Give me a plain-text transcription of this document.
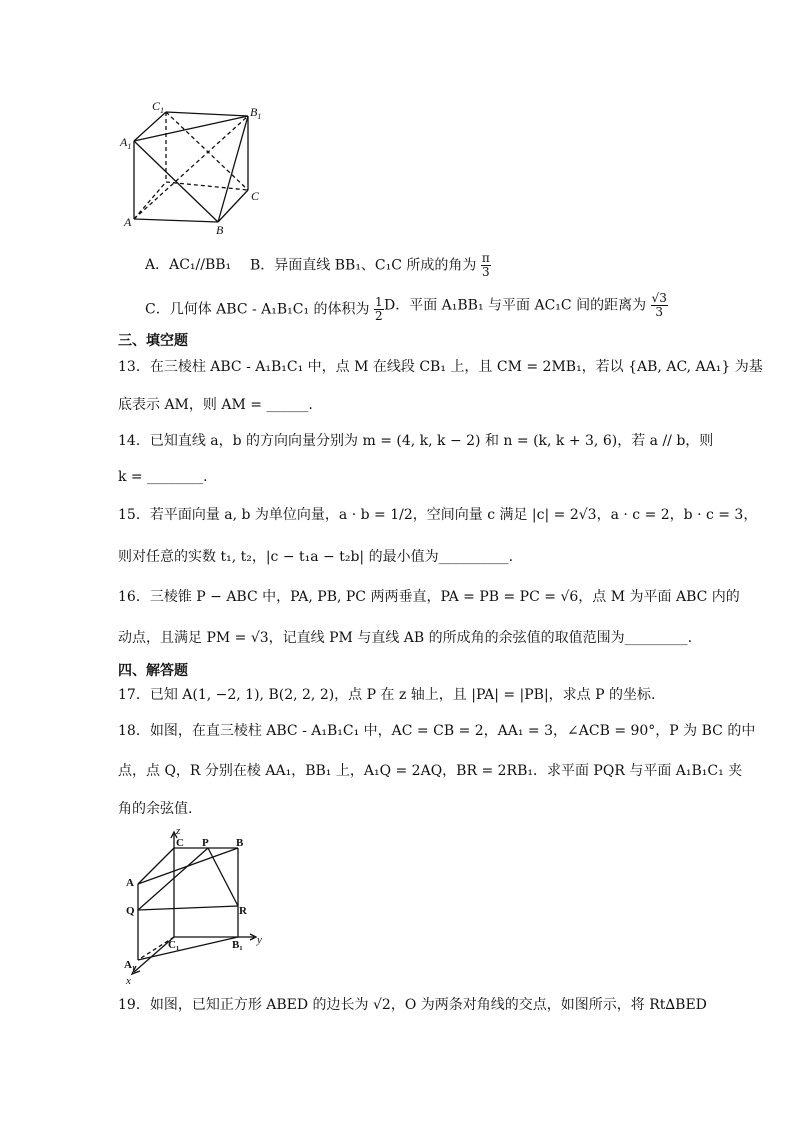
$C_1$	$B_1$
$A_1$
A
B
C
A．AC₁//BB₁ B．异面直线 BB₁、C₁C 所成的角为 $\frac{\pi}{3}$
C．几何体 ABC - A₁B₁C₁ 的体积为 $\frac{1}{2}$ D．平面 A₁BB₁ 与平面 AC₁C 间的距离为 $\frac{√3}{3}$
三、填空题
13．在三棱柱 ABC - A₁B₁C₁ 中，点 M 在线段 CB₁ 上，且 CM = 2MB₁，若以 {AB, AC, AA₁} 为基
底表示 AM，则 AM = ______.
14．已知直线 a，b 的方向向量分别为 m = (4, k, k − 2) 和 n = (k, k + 3, 6)，若 a // b，则
k = ________.
15．若平面向量 a, b 为单位向量，a · b = 1/2，空间向量 c 满足 |c| = 2√3，a · c = 2，b · c = 3，
则对任意的实数 t₁, t₂，|c − t₁a − t₂b| 的最小值为__________.
16．三棱锥 P − ABC 中，PA, PB, PC 两两垂直，PA = PB = PC = √6，点 M 为平面 ABC 内的
动点，且满足 PM = √3，记直线 PM 与直线 AB 的所成角的余弦值的取值范围为_________.
四、解答题
17．已知 A(1, −2, 1), B(2, 2, 2)，点 P 在 z 轴上，且 |PA| = |PB|，求点 P 的坐标.
18．如图，在直三棱柱 ABC - A₁B₁C₁ 中，AC = CB = 2，AA₁ = 3，∠ACB = 90°，P 为 BC 的中
点，点 Q，R 分别在棱 AA₁，BB₁ 上，A₁Q = 2AQ，BR = 2RB₁．求平面 PQR 与平面 A₁B₁C₁ 夹
角的余弦值.
z
C P B
A
Q	R
C₁	B₁ y
A₁
x
19．如图，已知正方形 ABED 的边长为 √2，O 为两条对角线的交点，如图所示，将 Rt∆BED
